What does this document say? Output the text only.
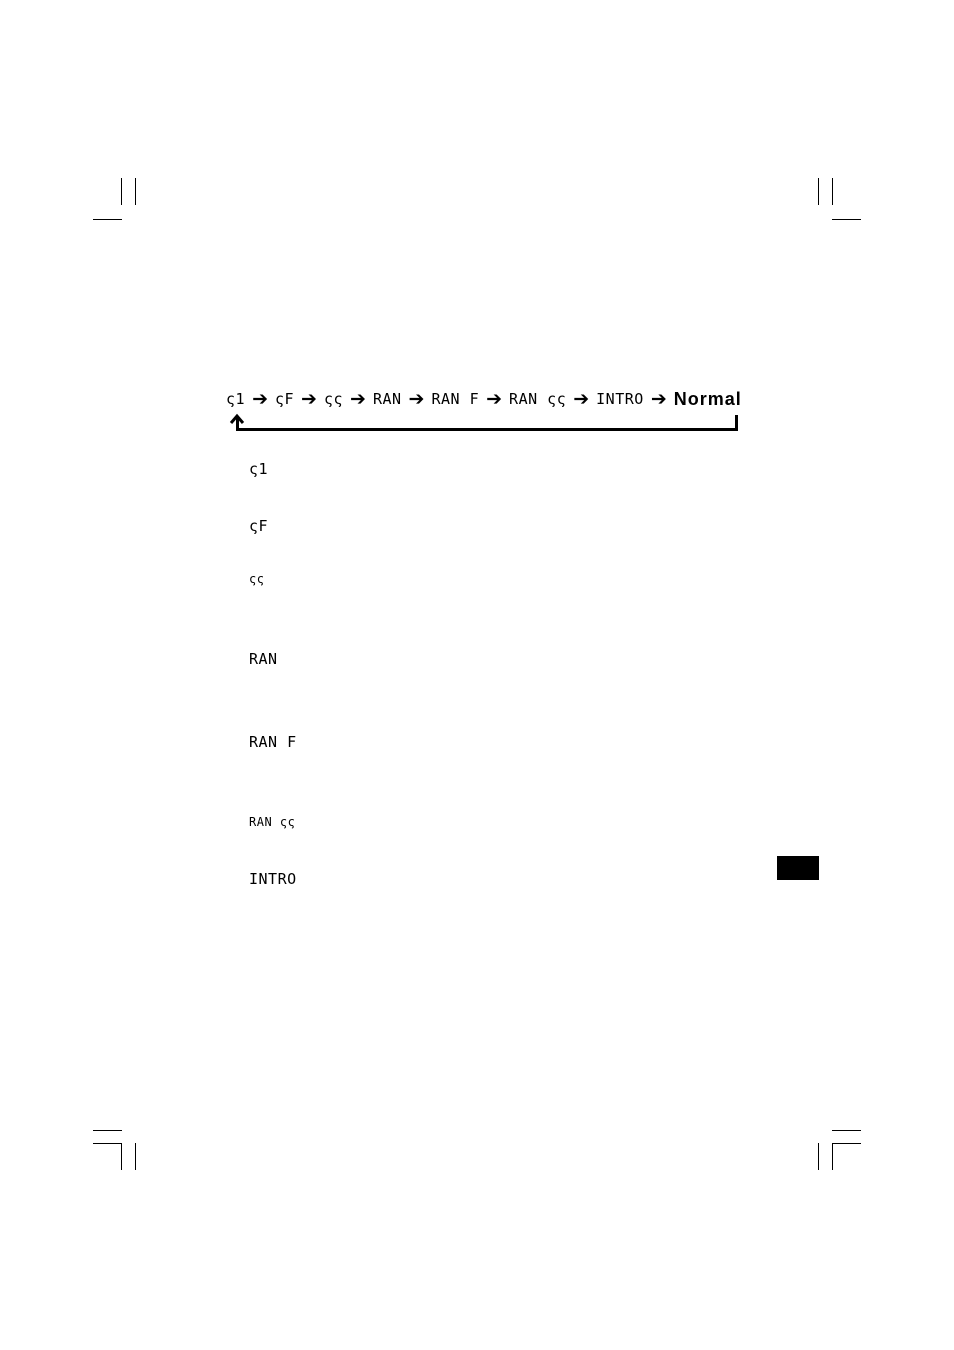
ς1 ➔ ςF ➔ ςς ➔ RAN ➔ RAN F ➔ RAN ςς ➔ INTRO ➔ Normal
ς1
ςF
ςς
RAN
RAN F
RAN ςς
INTRO
